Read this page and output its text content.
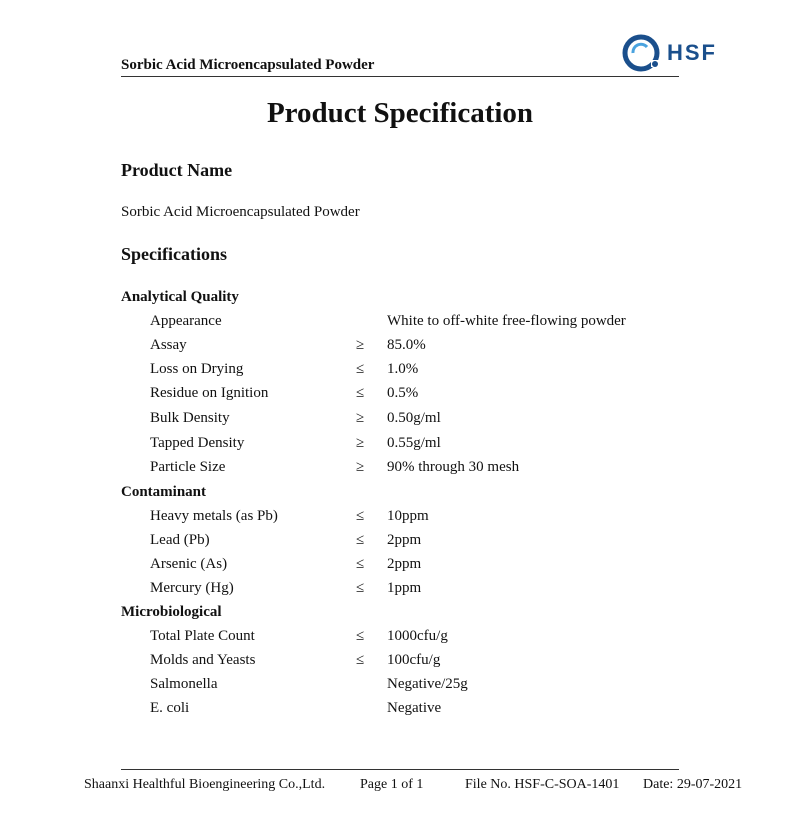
Sorbic Acid Microencapsulated Powder	HSF
Product Specification
Product Name
Sorbic Acid Microencapsulated Powder
Specifications
Analytical Quality
Appearance	White to off-white free-flowing powder
Assay	≥ 85.0%
Loss on Drying	≤ 1.0%
Residue on Ignition	≤ 0.5%
Bulk Density	≥ 0.50g/ml
Tapped Density	≥ 0.55g/ml
Particle Size	≥ 90% through 30 mesh
Contaminant
Heavy metals (as Pb)	≤ 10ppm
Lead (Pb)	≤ 2ppm
Arsenic (As)	≤ 2ppm
Mercury (Hg)	≤ 1ppm
Microbiological
Total Plate Count	≤ 1000cfu/g
Molds and Yeasts	≤ 100cfu/g
Salmonella	Negative/25g
E. coli	Negative
Shaanxi Healthful Bioengineering Co.,Ltd. Page 1 of 1	File No. HSF-C-SOA-1401 Date: 29-07-2021
